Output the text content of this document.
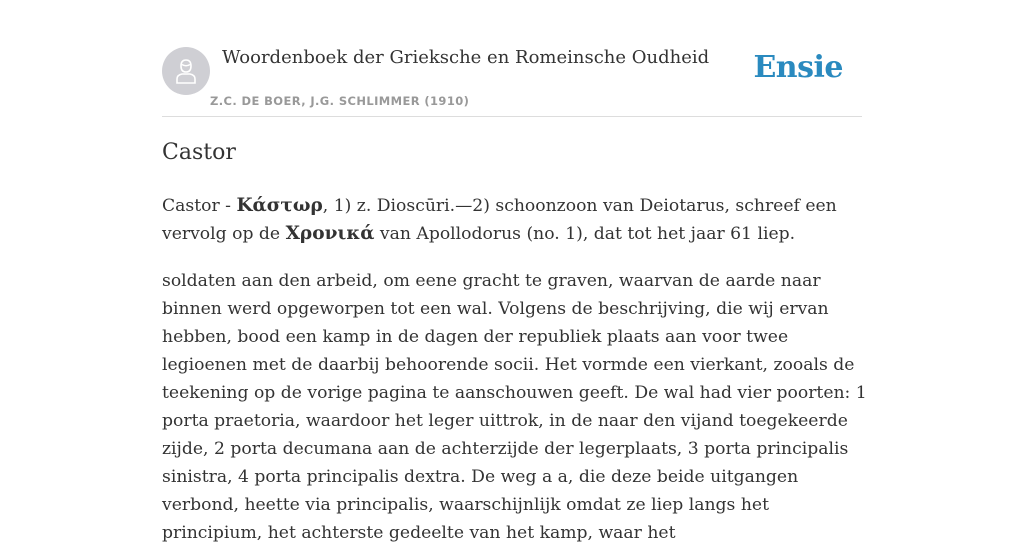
Woordenboek der Grieksche en Romeinsche Oudheid
Z.C. DE BOER, J.G. SCHLIMMER (1910)
Ensie
Castor

Castor - Κάστωρ, 1) z. Dioscūri.—2) schoonzoon van Deiotarus, schreef een vervolg op de Χρονικά van Apollodorus (no. 1), dat tot het jaar 61 liep.

soldaten aan den arbeid, om eene gracht te graven, waarvan de aarde naar binnen werd opgeworpen tot een wal. Volgens de beschrijving, die wij ervan hebben, bood een kamp in de dagen der republiek plaats aan voor twee legioenen met de daarbij behoorende socii. Het vormde een vierkant, zooals de teekening op de vorige pagina te aanschouwen geeft. De wal had vier poorten: 1 porta praetoria, waardoor het leger uittrok, in de naar den vijand toegekeerde zijde, 2 porta decumana aan de achterzijde der legerplaats, 3 porta principalis sinistra, 4 porta principalis dextra. De weg a a, die deze beide uitgangen verbond, heette via principalis, waarschijnlijk omdat ze liep langs het principium, het achterste gedeelte van het kamp, waar het
